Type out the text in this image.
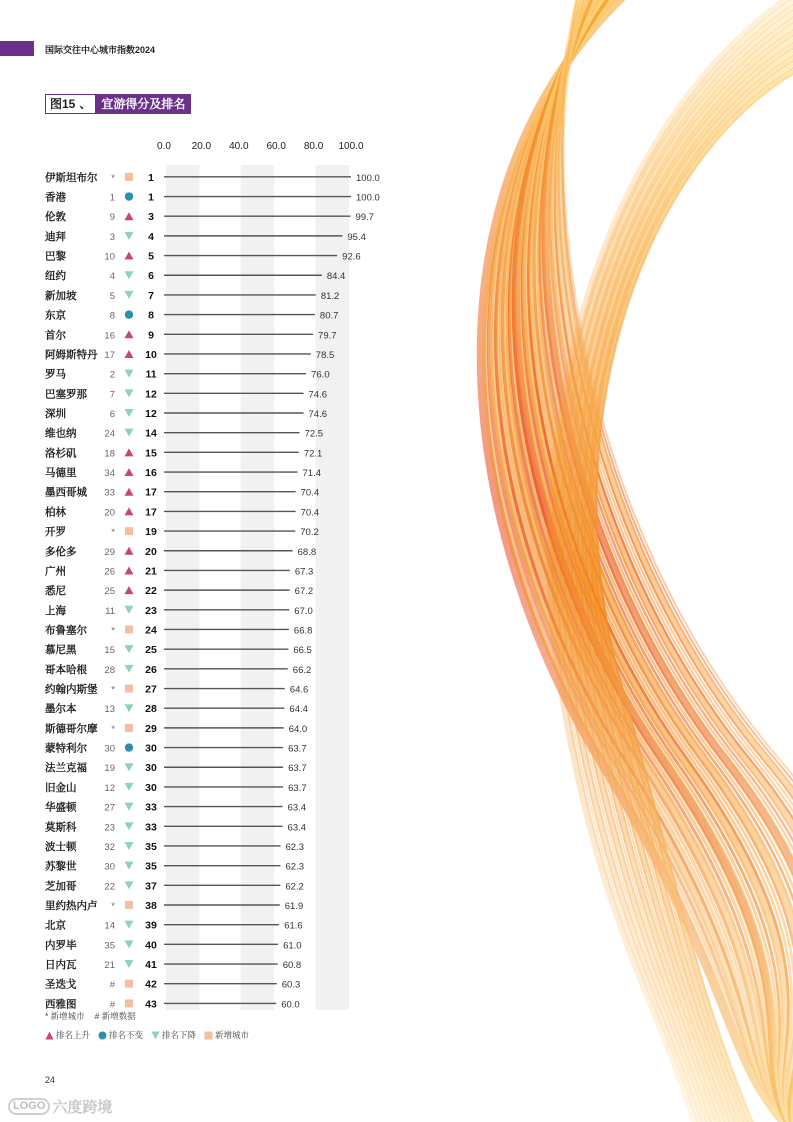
国际交往中心城市指数2024
图15 、 宜游得分及排名
0.0 20.0 40.0 60.0 80.0 100.0
伊斯坦布尔 *	1	100.0
香港	1	1	100.0
伦敦	9	3	99.7
迪拜	3	4	95.4
巴黎	10	5	92.6
纽约	4	6	84.4
新加坡	5	7	81.2
东京	8	8	80.7
首尔	16	9	79.7
阿姆斯特丹 17	10	78.5
罗马	2	11	76.0
巴塞罗那 7	12	74.6
深圳	6	12	74.6
维也纳	24	14	72.5
洛杉矶	18	15	72.1
马德里	34	16	71.4
墨西哥城 33	17	70.4
柏林	20	17	70.4
开罗	*	19	70.2
多伦多	29	20	68.8
广州	26	21	67.3
悉尼	25	22	67.2
上海	11	23	67.0
布鲁塞尔	*	24	66.8
慕尼黑	15	25	66.5
哥本哈根 28	26	66.2
约翰内斯堡 *	27	64.6
墨尔本	13	28	64.4
斯德哥尔摩 *	29	64.0
蒙特利尔 30	30	63.7
法兰克福 19	30	63.7
旧金山	12	30	63.7
华盛顿	27	33	63.4
莫斯科	23	33	63.4
波士顿	32	35	62.3
苏黎世	30	35	62.3
芝加哥	22	37	62.2
里约热内卢 *	38	61.9
北京	14	39	61.6
内罗毕	35	40	61.0
日内瓦	21	41	60.8
圣迭戈	#	42	60.3
西雅图	#	43	60.0
* 新增城市 # 新增数据
排名上升 排名不变 排名下降 新增城市
24
LOGO 六度跨境
